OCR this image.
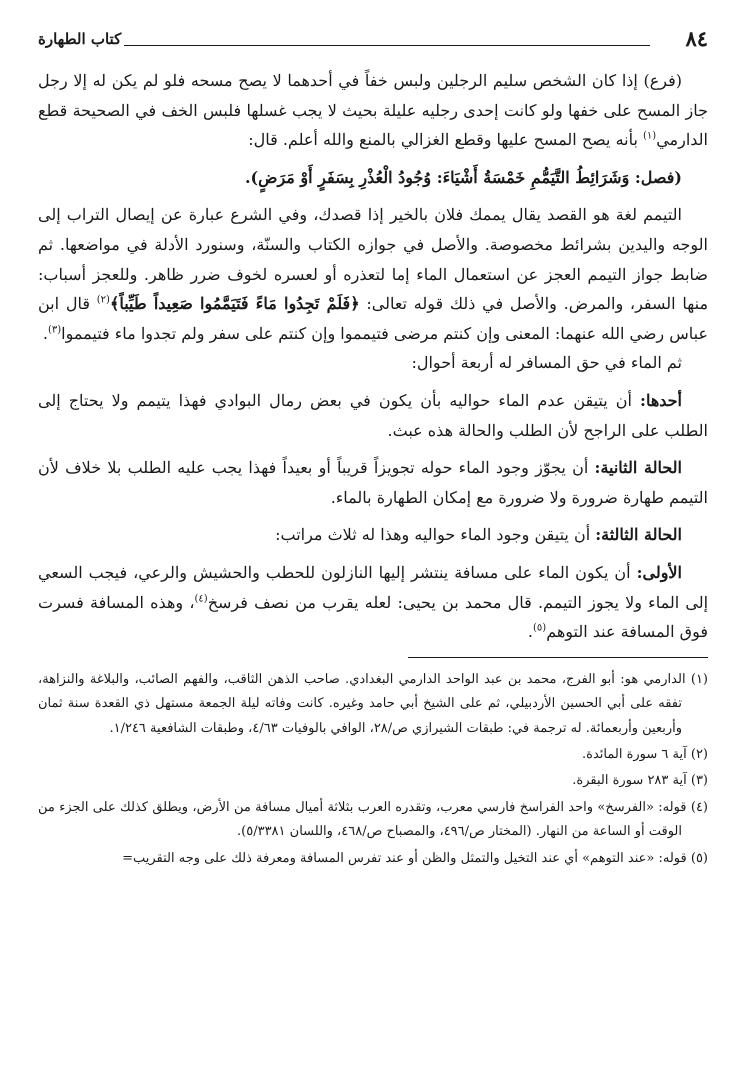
٨٤
كتاب الطهارة

(فرع) إذا كان الشخص سليم الرجلين ولبس خفاً في أحدهما لا يصح مسحه فلو لم يكن له إلا رجل جاز المسح على خفها ولو كانت إحدى رجليه عليلة بحيث لا يجب غسلها فلبس الخف في الصحيحة قطع الدارمي$^{(١)}$ بأنه يصح المسح عليها وقطع الغزالي بالمنع والله أعلم. قال:

(فصل: وَشَرَائِطُ التَّيَمُّمِ خَمْسَةُ أَشْيَاءَ: وُجُودُ الْعُذْرِ بِسَفَرٍ أَوْ مَرَضٍ).

التيمم لغة هو القصد يقال يممك فلان بالخير إذا قصدك، وفي الشرع عبارة عن إيصال التراب إلى الوجه واليدين بشرائط مخصوصة. والأصل في جوازه الكتاب والسنّة، وسنورد الأدلة في مواضعها. ثم ضابط جواز التيمم العجز عن استعمال الماء إما لتعذره أو لعسره لخوف ضرر ظاهر. وللعجز أسباب: منها السفر، والمرض. والأصل في ذلك قوله تعالى: ﴿فَلَمْ تَجِدُوا مَاءً فَتَيَمَّمُوا صَعِيداً طَيِّباً﴾$^{(٢)}$ قال ابن عباس رضي الله عنهما: المعنى وإن كنتم مرضى فتيمموا وإن كنتم على سفر ولم تجدوا ماء فتيمموا$^{(٣)}$.

ثم الماء في حق المسافر له أربعة أحوال:

أحدها: أن يتيقن عدم الماء حواليه بأن يكون في بعض رمال البوادي فهذا يتيمم ولا يحتاج إلى الطلب على الراجح لأن الطلب والحالة هذه عبث.

الحالة الثانية: أن يجوّز وجود الماء حوله تجويزاً قريباً أو بعيداً فهذا يجب عليه الطلب بلا خلاف لأن التيمم طهارة ضرورة ولا ضرورة مع إمكان الطهارة بالماء.

الحالة الثالثة: أن يتيقن وجود الماء حواليه وهذا له ثلاث مراتب:

الأولى: أن يكون الماء على مسافة ينتشر إليها النازلون للحطب والحشيش والرعي، فيجب السعي إلى الماء ولا يجوز التيمم. قال محمد بن يحيى: لعله يقرب من نصف فرسخ$^{(٤)}$، وهذه المسافة فسرت فوق المسافة عند التوهم$^{(٥)}$.

(١) الدارمي هو: أبو الفرج، محمد بن عبد الواحد الدارمي البغدادي. صاحب الذهن الثاقب، والفهم الصائب، والبلاغة والنزاهة، تفقه على أبي الحسين الأردبيلي، ثم على الشيخ أبي حامد وغيره. كانت وفاته ليلة الجمعة مستهل ذي القعدة سنة ثمان وأربعين وأربعمائة. له ترجمة في: طبقات الشيرازي ص/٢٨، الوافي بالوفيات ٤/٦٣، وطبقات الشافعية ١/٢٤٦.

(٢) آية ٦ سورة المائدة.

(٣) آية ٢٨٣ سورة البقرة.

(٤) قوله: «الفرسخ» واحد الفراسخ فارسي معرب، وتقدره العرب بثلاثة أميال مسافة من الأرض، ويطلق كذلك على الجزء من الوقت أو الساعة من النهار. (المختار ص/٤٩٦، والمصباح ص/٤٦٨، واللسان ٥/٣٣٨١).

(٥) قوله: «عند التوهم» أي عند التخيل والتمثل والظن أو عند تفرس المسافة ومعرفة ذلك على وجه التقريب=
